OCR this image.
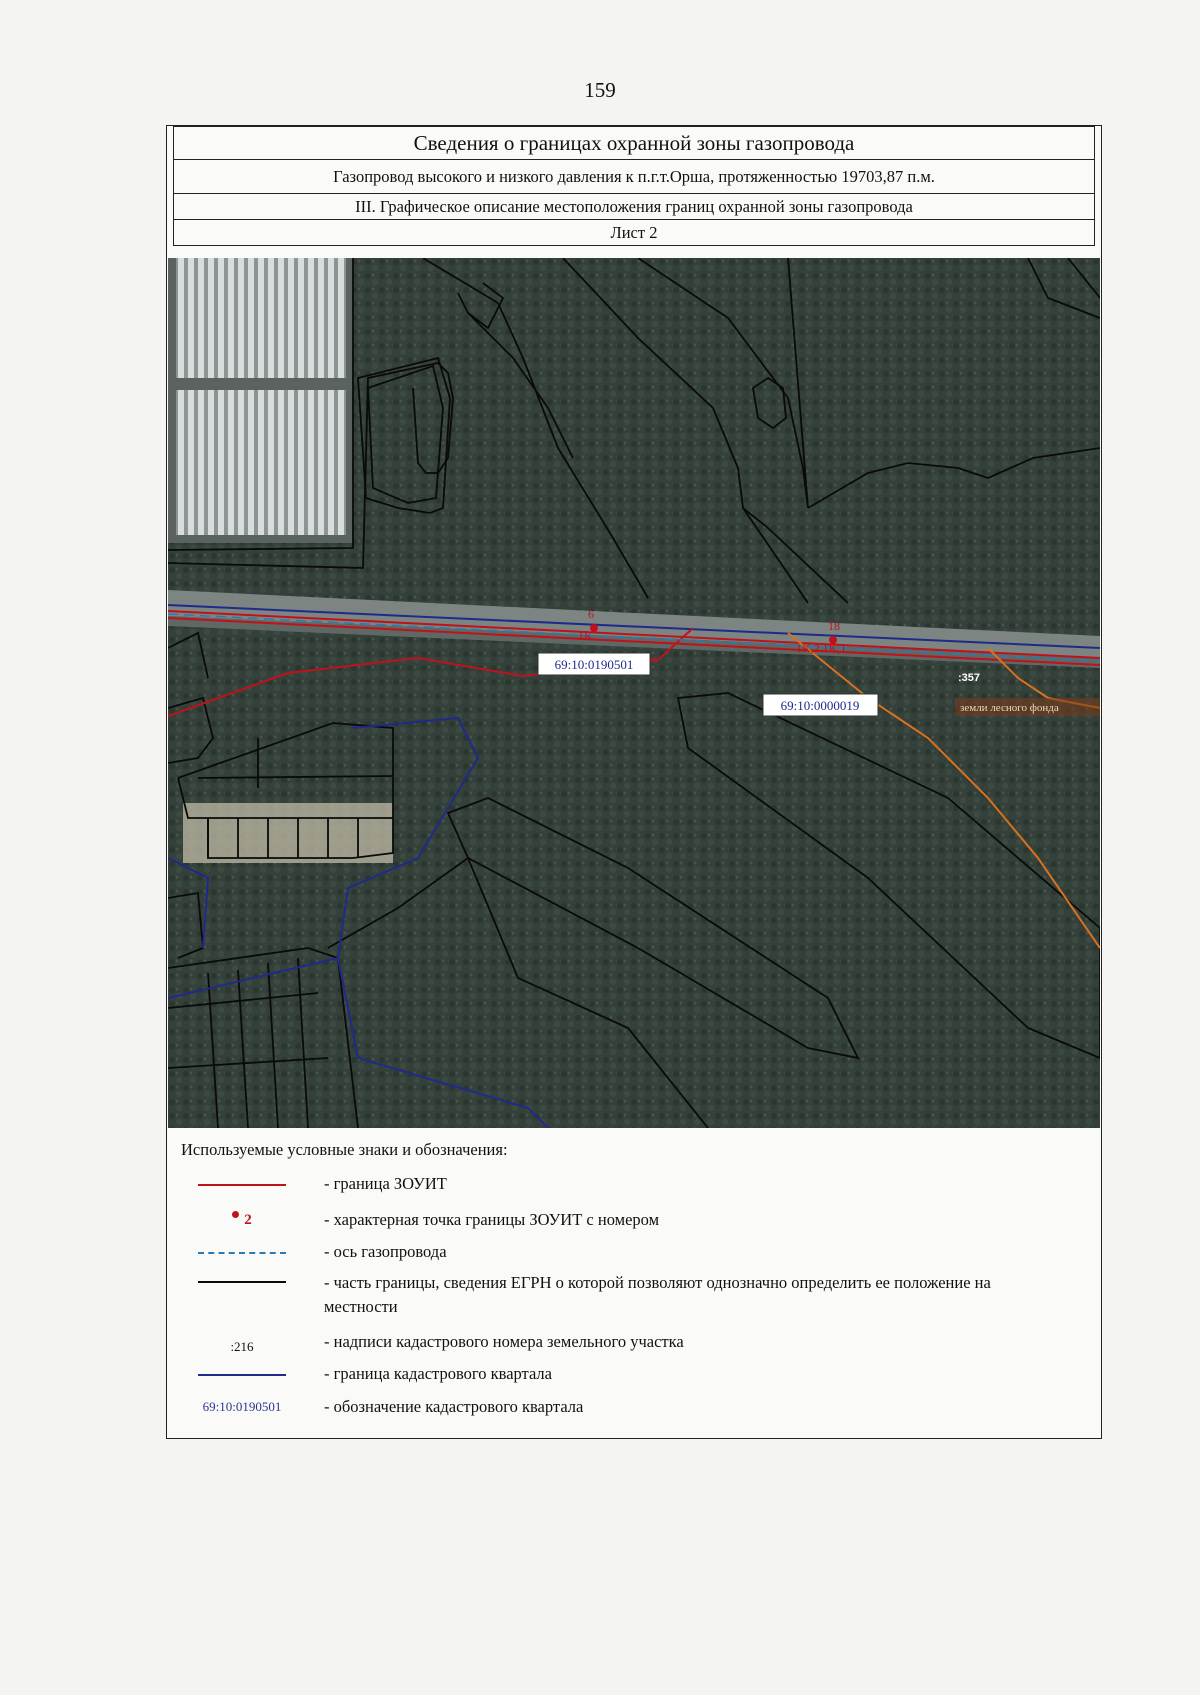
159
Сведения о границах охранной зоны газопровода
Газопровод высокого и низкого давления к п.г.т.Орша, протяженностью 19703,87 п.м.
III. Графическое описание местоположения границ охранной зоны газопровода
Лист 2
6
1K
18
1K,2 1K,1
69:10:0190501
69:10:0000019
:357
земли лесного фонда
Используемые условные знаки и обозначения:
- граница ЗОУИТ
2	- характерная точка границы ЗОУИТ с номером
- ось газопровода
- часть границы, сведения ЕГРН о которой позволяют однозначно определить ее положение на местности
:216	- надписи кадастрового номера земельного участка
- граница кадастрового квартала
69:10:0190501	- обозначение кадастрового квартала
